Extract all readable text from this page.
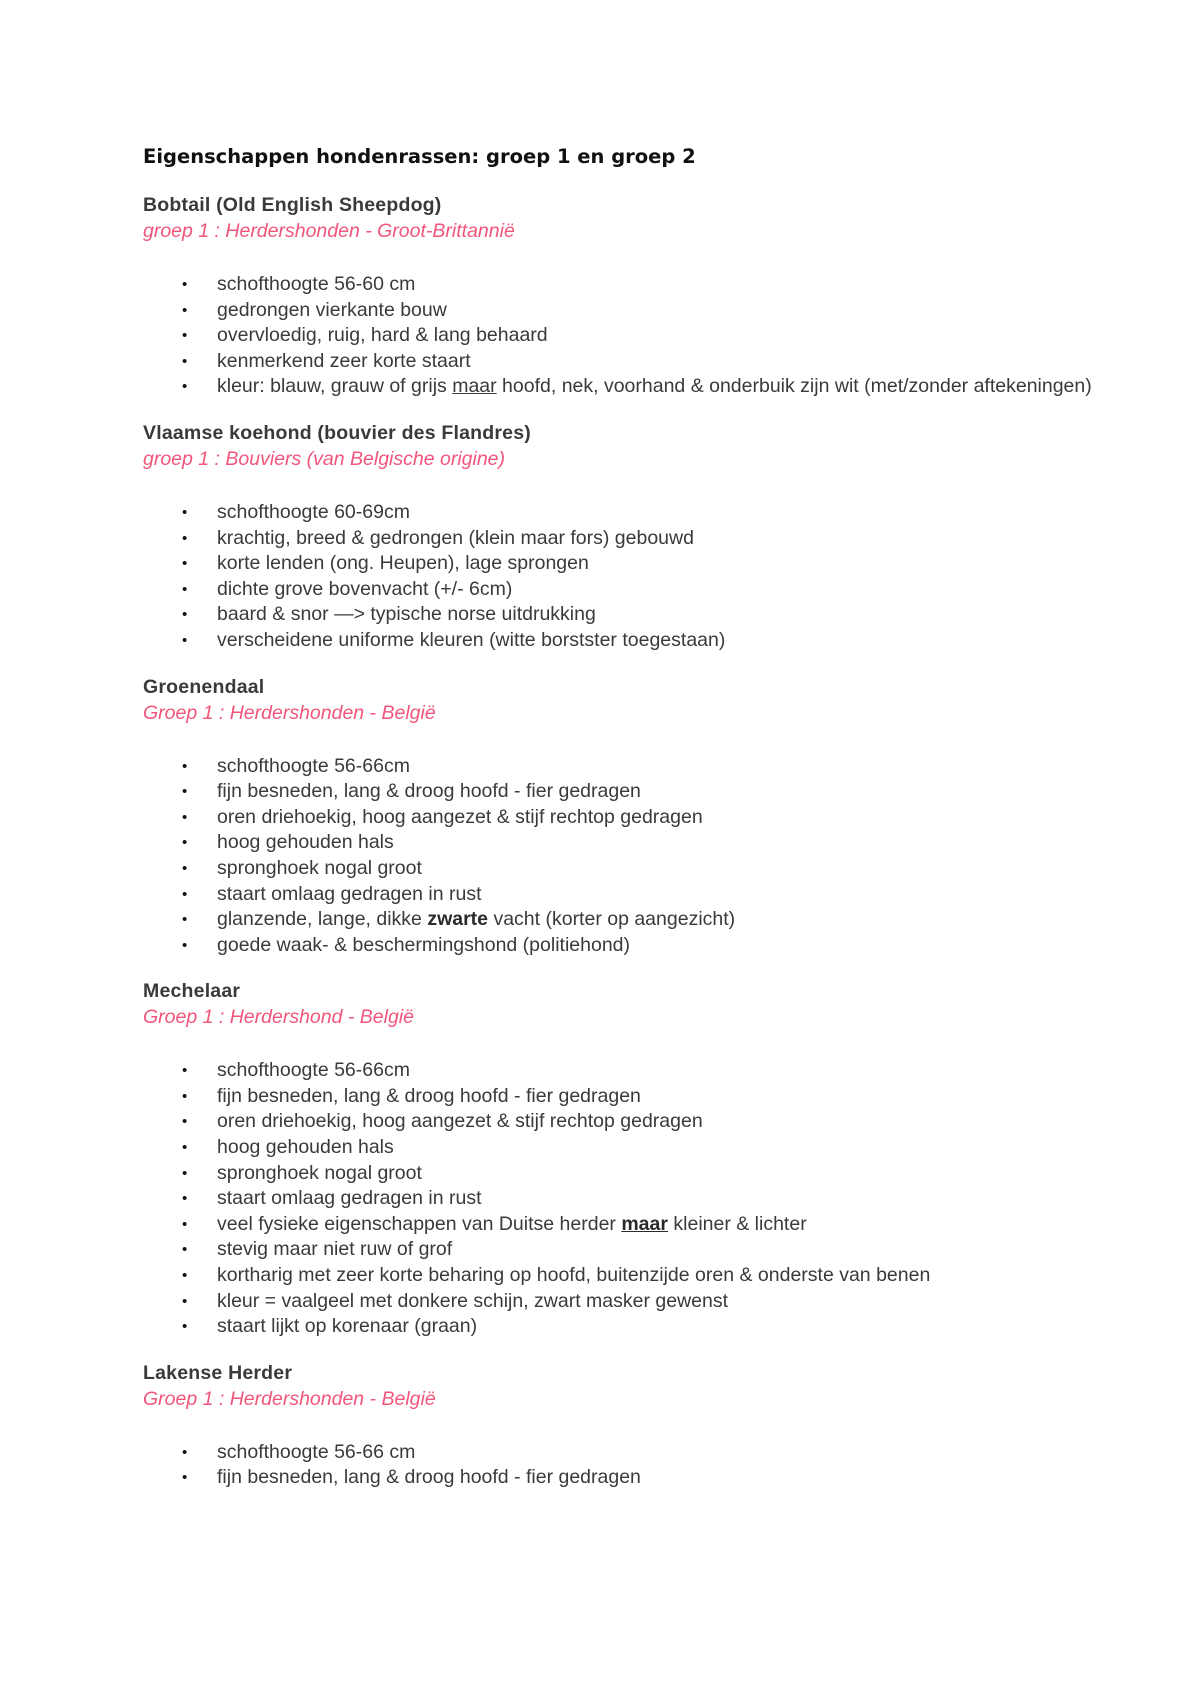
Eigenschappen hondenrassen: groep 1 en groep 2
Bobtail (Old English Sheepdog)
groep 1 : Herdershonden - Groot-Brittannië
• schofthoogte 56-60 cm
• gedrongen vierkante bouw
• overvloedig, ruig, hard & lang behaard
• kenmerkend zeer korte staart
• kleur: blauw, grauw of grijs maar hoofd, nek, voorhand & onderbuik zijn wit (met/zonder aftekeningen)
Vlaamse koehond (bouvier des Flandres)
groep 1 : Bouviers (van Belgische origine)
• schofthoogte 60-69cm
• krachtig, breed & gedrongen (klein maar fors) gebouwd
• korte lenden (ong. Heupen), lage sprongen
• dichte grove bovenvacht (+/- 6cm)
• baard & snor —> typische norse uitdrukking
• verscheidene uniforme kleuren (witte borstster toegestaan)
Groenendaal
Groep 1 : Herdershonden - België
• schofthoogte 56-66cm
• fijn besneden, lang & droog hoofd - fier gedragen
• oren driehoekig, hoog aangezet & stijf rechtop gedragen
• hoog gehouden hals
• spronghoek nogal groot
• staart omlaag gedragen in rust
• glanzende, lange, dikke zwarte vacht (korter op aangezicht)
• goede waak- & beschermingshond (politiehond)
Mechelaar
Groep 1 : Herdershond - België
• schofthoogte 56-66cm
• fijn besneden, lang & droog hoofd - fier gedragen
• oren driehoekig, hoog aangezet & stijf rechtop gedragen
• hoog gehouden hals
• spronghoek nogal groot
• staart omlaag gedragen in rust
• veel fysieke eigenschappen van Duitse herder maar kleiner & lichter
• stevig maar niet ruw of grof
• kortharig met zeer korte beharing op hoofd, buitenzijde oren & onderste van benen
• kleur = vaalgeel met donkere schijn, zwart masker gewenst
• staart lijkt op korenaar (graan)
Lakense Herder
Groep 1 : Herdershonden - België
• schofthoogte 56-66 cm
• fijn besneden, lang & droog hoofd - fier gedragen
